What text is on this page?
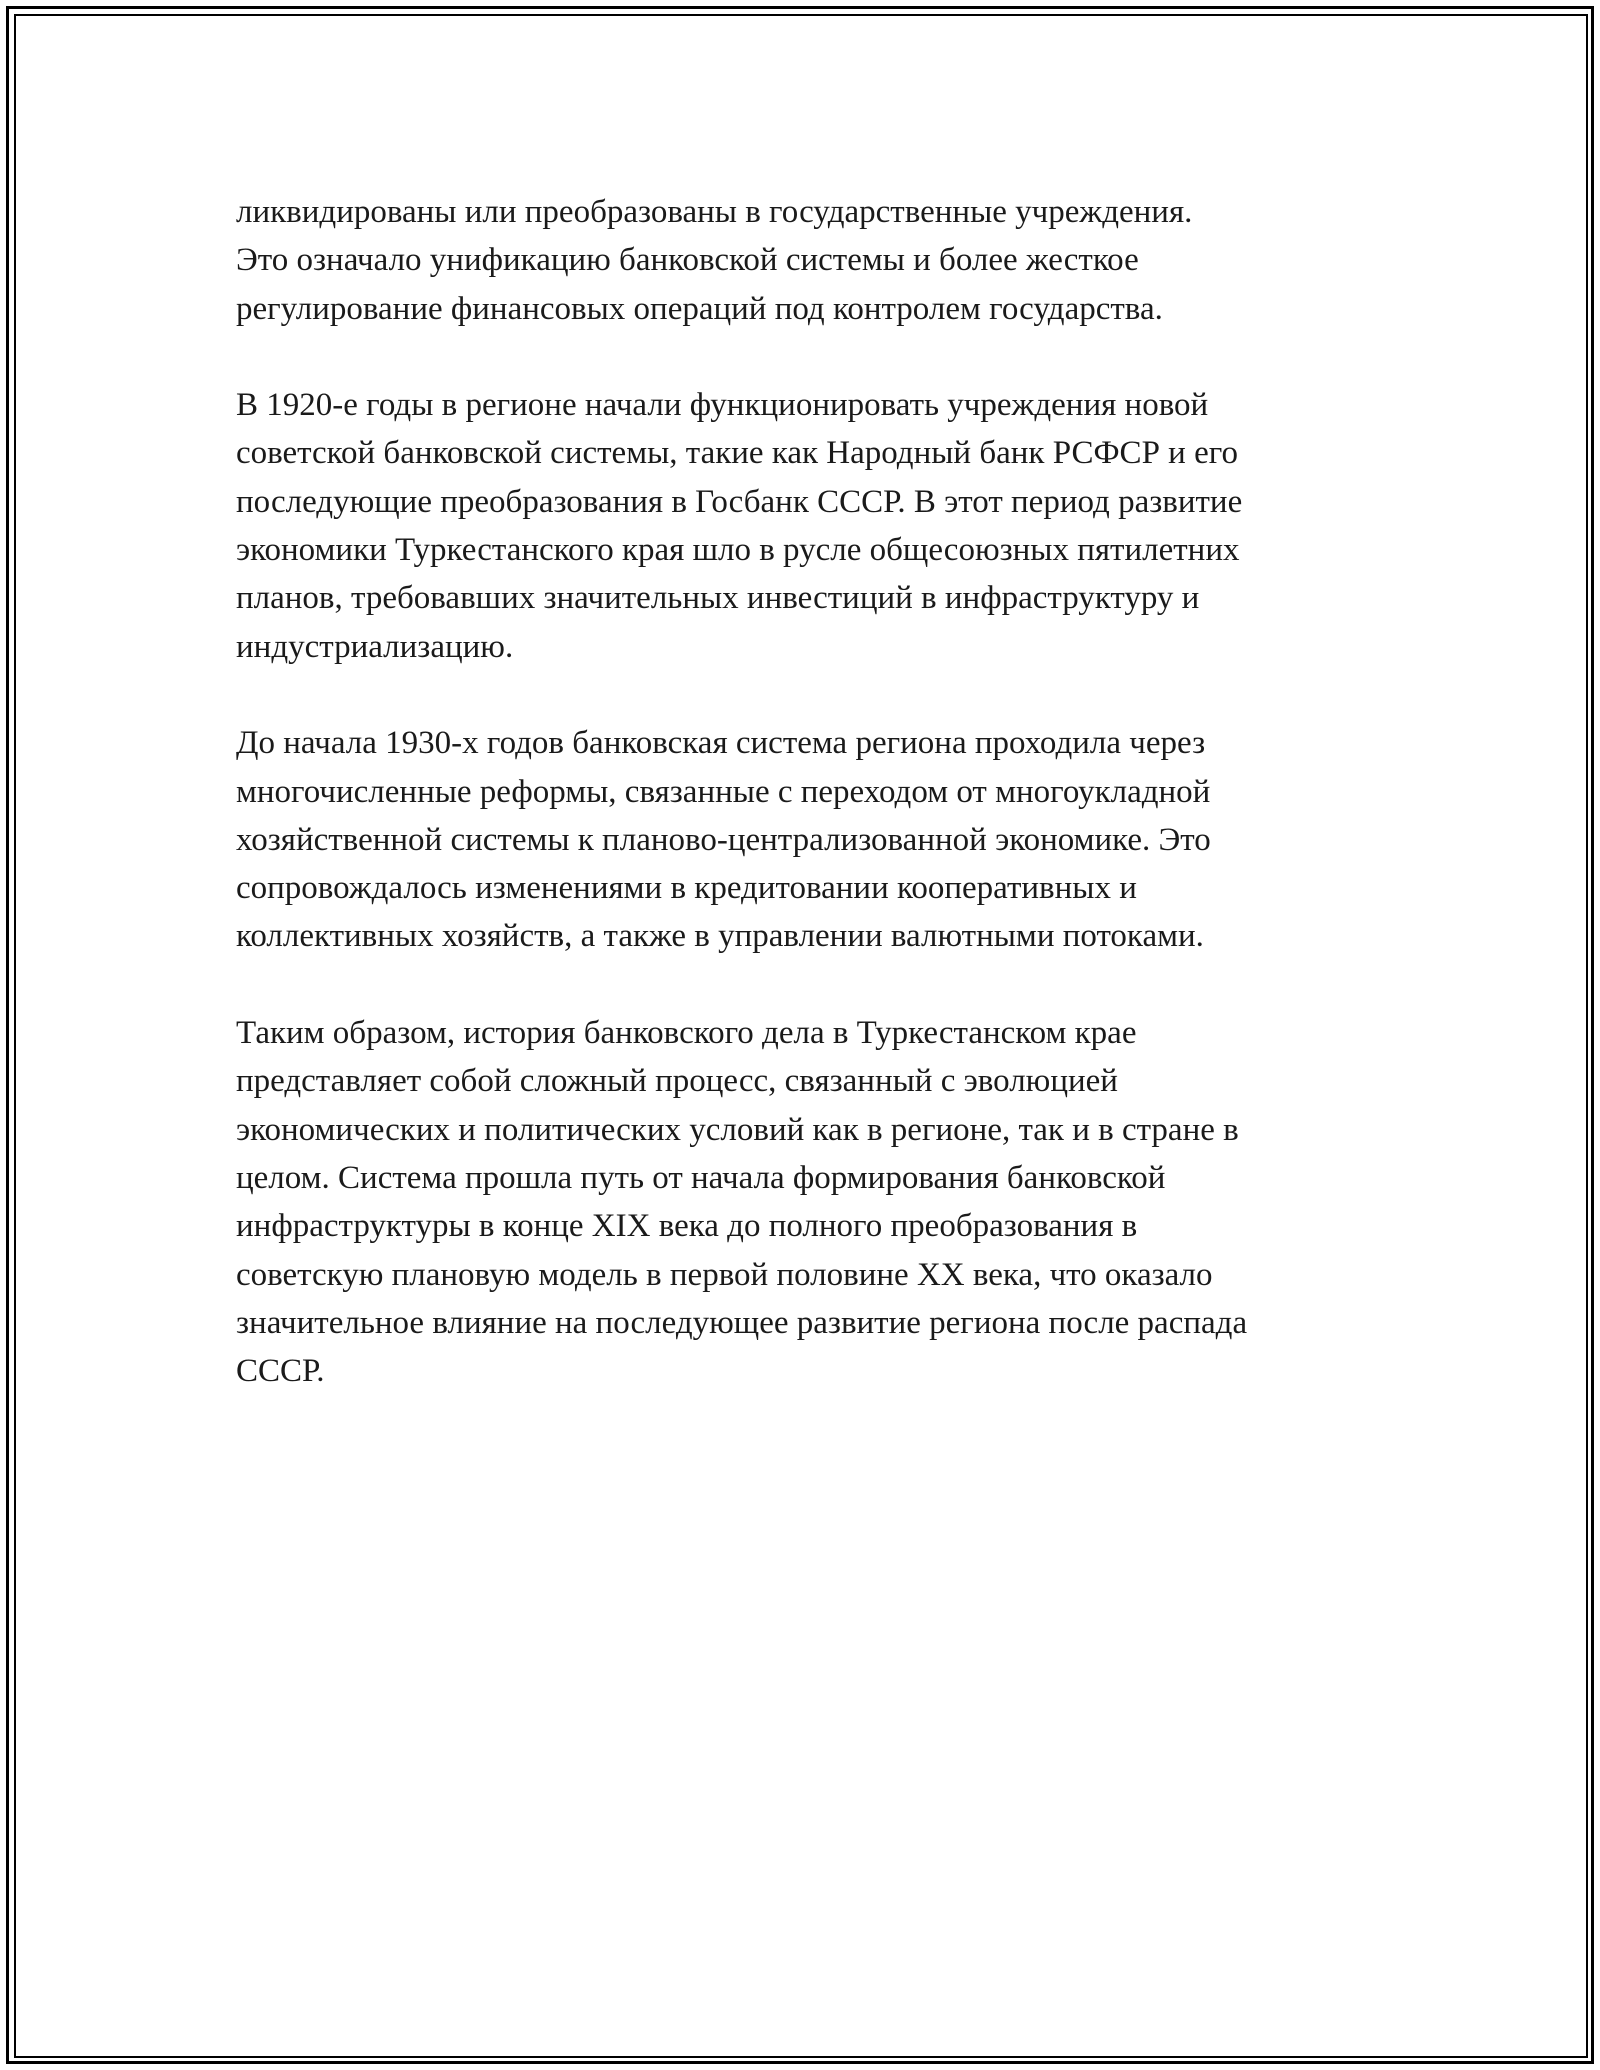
ликвидированы или преобразованы в государственные учреждения.
Это означало унификацию банковской системы и более жесткое
регулирование финансовых операций под контролем государства.

В 1920-е годы в регионе начали функционировать учреждения новой
советской банковской системы, такие как Народный банк РСФСР и его
последующие преобразования в Госбанк СССР. В этот период развитие
экономики Туркестанского края шло в русле общесоюзных пятилетних
планов, требовавших значительных инвестиций в инфраструктуру и
индустриализацию.

До начала 1930-х годов банковская система региона проходила через
многочисленные реформы, связанные с переходом от многоукладной
хозяйственной системы к планово-централизованной экономике. Это
сопровождалось изменениями в кредитовании кооперативных и
коллективных хозяйств, а также в управлении валютными потоками.

Таким образом, история банковского дела в Туркестанском крае
представляет собой сложный процесс, связанный с эволюцией
экономических и политических условий как в регионе, так и в стране в
целом. Система прошла путь от начала формирования банковской
инфраструктуры в конце XIX века до полного преобразования в
советскую плановую модель в первой половине XX века, что оказало
значительное влияние на последующее развитие региона после распада
СССР.
